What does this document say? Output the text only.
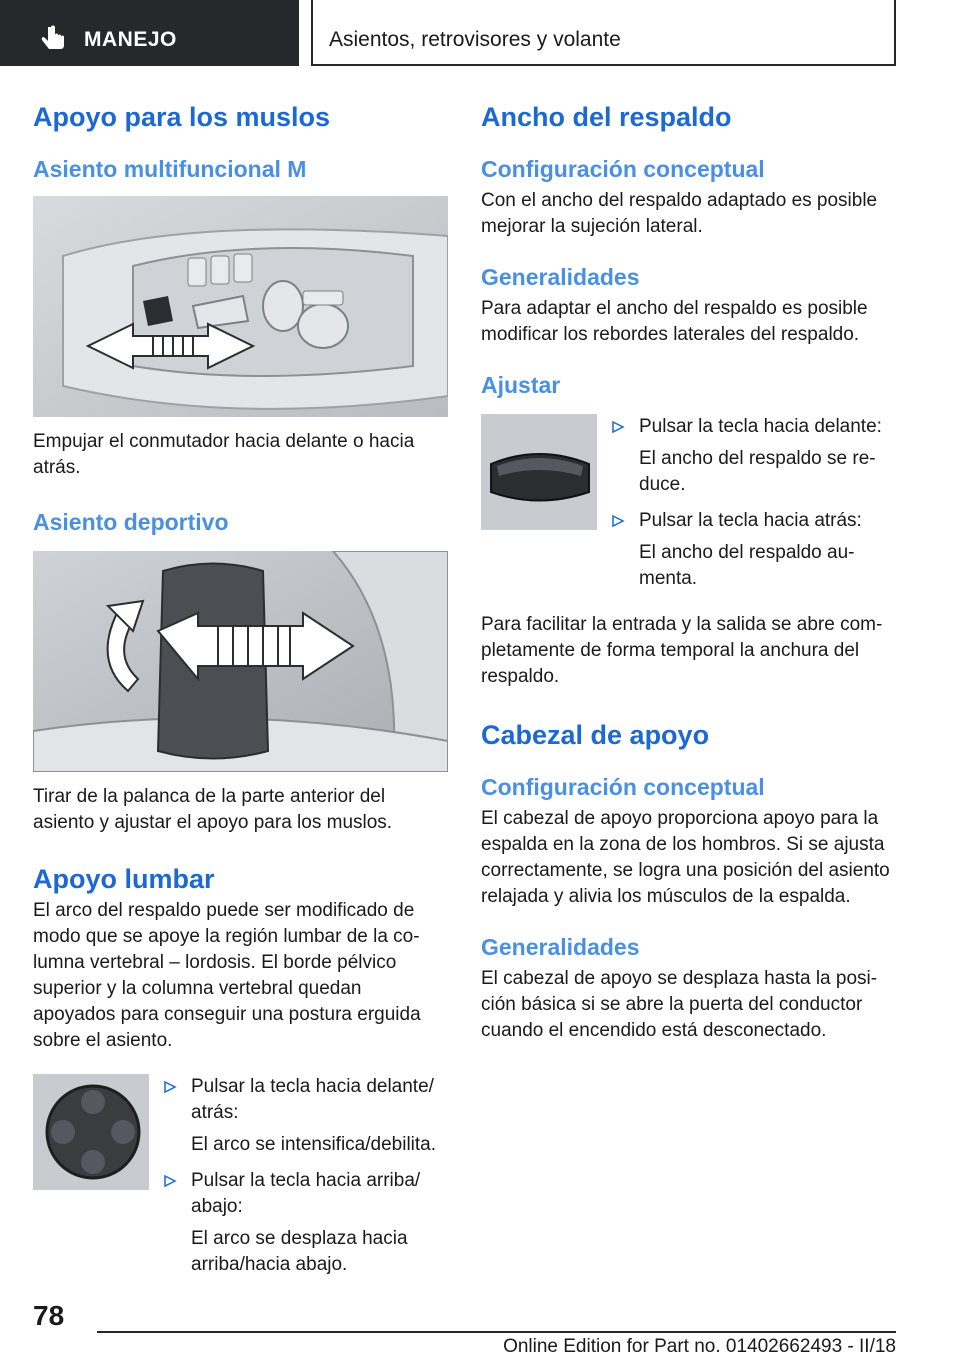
MANEJO	Asientos, retrovisores y volante
Apoyo para los muslos
Asiento multifuncional M

Empujar el conmutador hacia delante o hacia atrás.

Asiento deportivo

Tirar de la palanca de la parte anterior del asiento y ajustar el apoyo para los muslos.

Apoyo lumbar

El arco del respaldo puede ser modificado de modo que se apoye la región lumbar de la columna vertebral – lordosis. El borde pélvico superior y la columna vertebral quedan apoyados para conseguir una postura erguida sobre el asiento.

Pulsar la tecla hacia delante/ atrás:

El arco se intensifica/debilita.

Pulsar la tecla hacia arriba/ abajo:

El arco se desplaza hacia arriba/hacia abajo.

Ancho del respaldo
Configuración conceptual

Con el ancho del respaldo adaptado es posible mejorar la sujeción lateral.

Generalidades

Para adaptar el ancho del respaldo es posible modificar los rebordes laterales del respaldo.

Ajustar

Pulsar la tecla hacia delante:

El ancho del respaldo se reduce.

Pulsar la tecla hacia atrás:

El ancho del respaldo aumenta.

Para facilitar la entrada y la salida se abre completamente de forma temporal la anchura del respaldo.

Cabezal de apoyo
Configuración conceptual

El cabezal de apoyo proporciona apoyo para la espalda en la zona de los hombros. Si se ajusta correctamente, se logra una posición del asiento relajada y alivia los músculos de la espalda.

Generalidades

El cabezal de apoyo se desplaza hasta la posición básica si se abre la puerta del conductor cuando el encendido está desconectado.

78
Online Edition for Part no. 01402662493 - II/18
